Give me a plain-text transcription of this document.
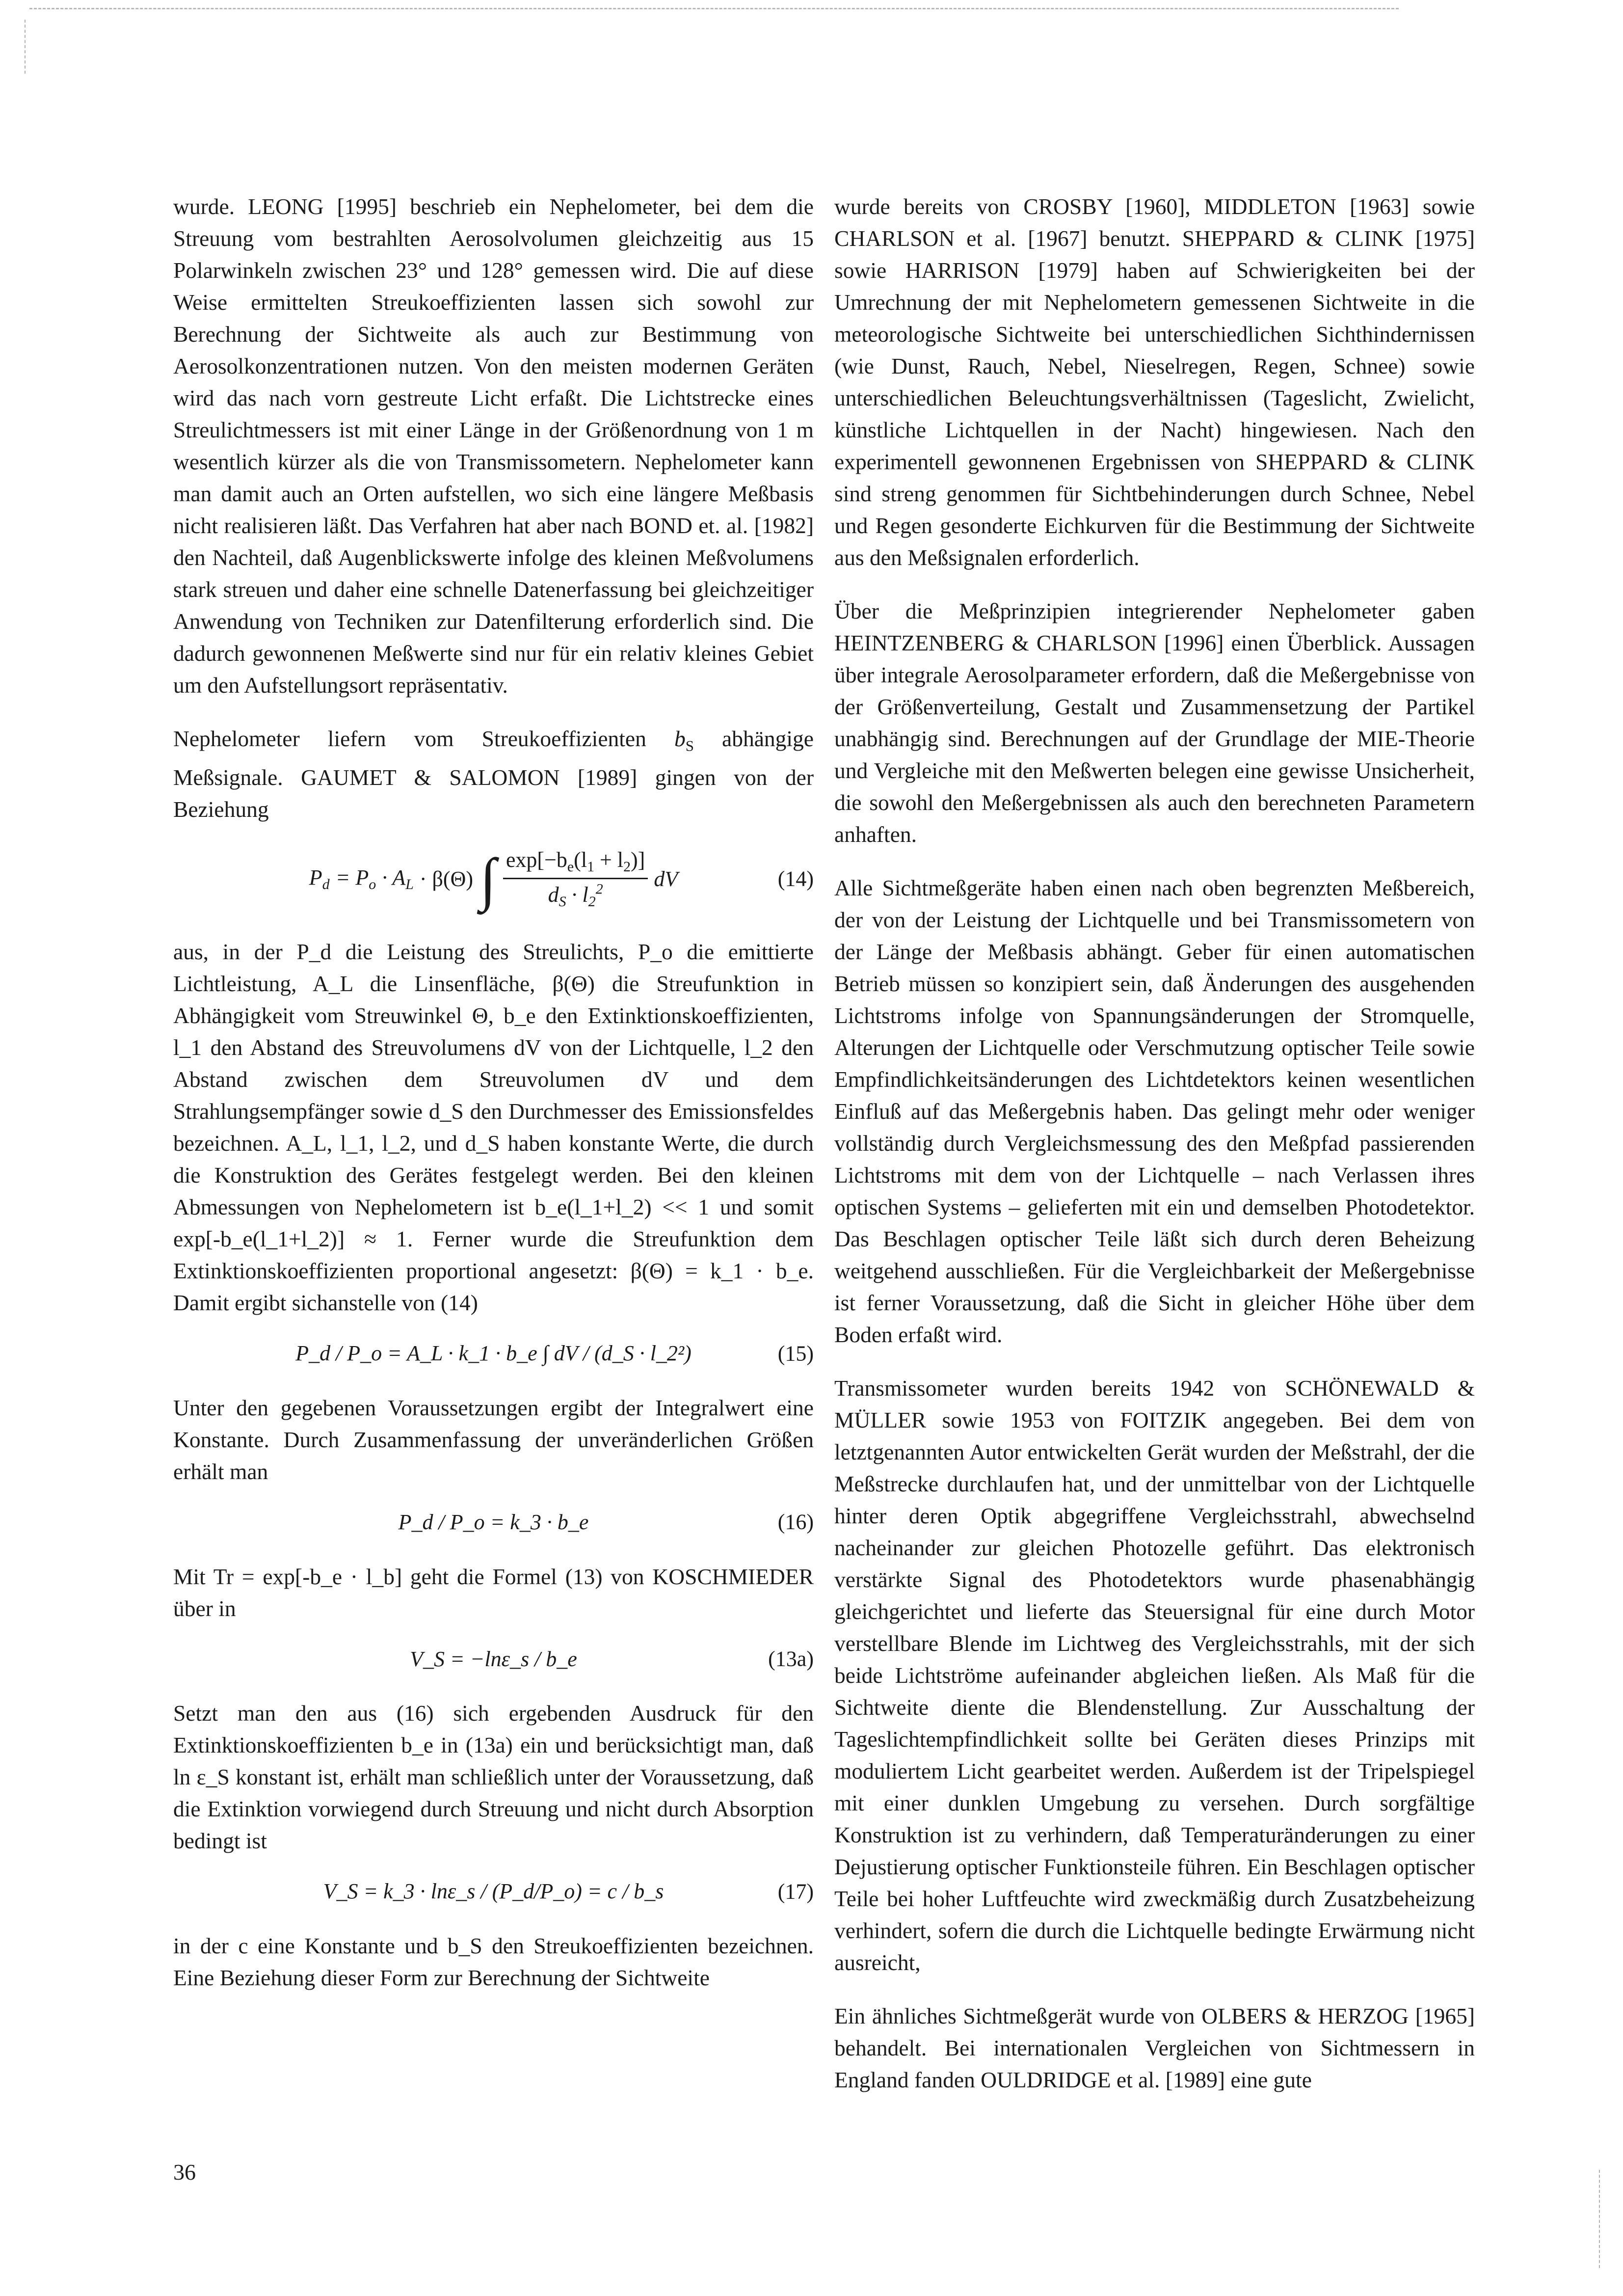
wurde. LEONG [1995] beschrieb ein Nephelometer, bei dem die Streuung vom bestrahlten Aerosolvolumen gleichzeitig aus 15 Polarwinkeln zwischen 23° und 128° gemessen wird. Die auf diese Weise ermittelten Streukoeffizienten lassen sich sowohl zur Berechnung der Sichtweite als auch zur Bestimmung von Aerosolkonzentrationen nutzen. Von den meisten modernen Geräten wird das nach vorn gestreute Licht erfaßt. Die Lichtstrecke eines Streulichtmessers ist mit einer Länge in der Größenordnung von 1 m wesentlich kürzer als die von Transmissometern. Nephelometer kann man damit auch an Orten aufstellen, wo sich eine längere Meßbasis nicht realisieren läßt. Das Verfahren hat aber nach BOND et. al. [1982] den Nachteil, daß Augenblickswerte infolge des kleinen Meßvolumens stark streuen und daher eine schnelle Datenerfassung bei gleichzeitiger Anwendung von Techniken zur Datenfilterung erforderlich sind. Die dadurch gewonnenen Meßwerte sind nur für ein relativ kleines Gebiet um den Aufstellungsort repräsentativ.

Nephelometer liefern vom Streukoeffizienten $b_S$ abhängige Meßsignale. GAUMET & SALOMON [1989] gingen von der Beziehung

$P_d = P_o \cdot A_L \cdot \beta(\Theta)$ ∫ $\frac{\exp[-b_e(l_1 + l_2)]}{d_S \cdot l_2^2}$ dV	(14)

aus, in der P_d die Leistung des Streulichts, P_o die emittierte Lichtleistung, A_L die Linsenfläche, β(Θ) die Streufunktion in Abhängigkeit vom Streuwinkel Θ, b_e den Extinktionskoeffizienten, l_1 den Abstand des Streuvolumens dV von der Lichtquelle, l_2 den Abstand zwischen dem Streuvolumen dV und dem Strahlungsempfänger sowie d_S den Durchmesser des Emissionsfeldes bezeichnen. A_L, l_1, l_2, und d_S haben konstante Werte, die durch die Konstruktion des Gerätes festgelegt werden. Bei den kleinen Abmessungen von Nephelometern ist b_e(l_1+l_2) << 1 und somit exp[-b_e(l_1+l_2)] ≈ 1. Ferner wurde die Streufunktion dem Extinktionskoeffizienten proportional angesetzt: β(Θ) = k_1 · b_e. Damit ergibt sichanstelle von (14)

P_d / P_o = A_L · k_1 · b_e ∫ dV / (d_S · l_2²)	(15)

Unter den gegebenen Voraussetzungen ergibt der Integralwert eine Konstante. Durch Zusammenfassung der unveränderlichen Größen erhält man

P_d / P_o = k_3 · b_e	(16)

Mit Tr = exp[-b_e · l_b] geht die Formel (13) von KOSCHMIEDER über in

V_S = −lnε_s / b_e	(13a)

Setzt man den aus (16) sich ergebenden Ausdruck für den Extinktionskoeffizienten b_e in (13a) ein und berücksichtigt man, daß ln ε_S konstant ist, erhält man schließlich unter der Voraussetzung, daß die Extinktion vorwiegend durch Streuung und nicht durch Absorption bedingt ist

V_S = k_3 · lnε_s / (P_d/P_o) = c / b_s	(17)

in der c eine Konstante und b_S den Streukoeffizienten bezeichnen. Eine Beziehung dieser Form zur Berechnung der Sichtweite

wurde bereits von CROSBY [1960], MIDDLETON [1963] sowie CHARLSON et al. [1967] benutzt. SHEPPARD & CLINK [1975] sowie HARRISON [1979] haben auf Schwierigkeiten bei der Umrechnung der mit Nephelometern gemessenen Sichtweite in die meteorologische Sichtweite bei unterschiedlichen Sichthindernissen (wie Dunst, Rauch, Nebel, Nieselregen, Regen, Schnee) sowie unterschiedlichen Beleuchtungsverhältnissen (Tageslicht, Zwielicht, künstliche Lichtquellen in der Nacht) hingewiesen. Nach den experimentell gewonnenen Ergebnissen von SHEPPARD & CLINK sind streng genommen für Sichtbehinderungen durch Schnee, Nebel und Regen gesonderte Eichkurven für die Bestimmung der Sichtweite aus den Meßsignalen erforderlich.

Über die Meßprinzipien integrierender Nephelometer gaben HEINTZENBERG & CHARLSON [1996] einen Überblick. Aussagen über integrale Aerosolparameter erfordern, daß die Meßergebnisse von der Größenverteilung, Gestalt und Zusammensetzung der Partikel unabhängig sind. Berechnungen auf der Grundlage der MIE-Theorie und Vergleiche mit den Meßwerten belegen eine gewisse Unsicherheit, die sowohl den Meßergebnissen als auch den berechneten Parametern anhaften.

Alle Sichtmeßgeräte haben einen nach oben begrenzten Meßbereich, der von der Leistung der Lichtquelle und bei Transmissometern von der Länge der Meßbasis abhängt. Geber für einen automatischen Betrieb müssen so konzipiert sein, daß Änderungen des ausgehenden Lichtstroms infolge von Spannungsänderungen der Stromquelle, Alterungen der Lichtquelle oder Verschmutzung optischer Teile sowie Empfindlichkeitsänderungen des Lichtdetektors keinen wesentlichen Einfluß auf das Meßergebnis haben. Das gelingt mehr oder weniger vollständig durch Vergleichsmessung des den Meßpfad passierenden Lichtstroms mit dem von der Lichtquelle – nach Verlassen ihres optischen Systems – gelieferten mit ein und demselben Photodetektor. Das Beschlagen optischer Teile läßt sich durch deren Beheizung weitgehend ausschließen. Für die Vergleichbarkeit der Meßergebnisse ist ferner Voraussetzung, daß die Sicht in gleicher Höhe über dem Boden erfaßt wird.

Transmissometer wurden bereits 1942 von SCHÖNEWALD & MÜLLER sowie 1953 von FOITZIK angegeben. Bei dem von letztgenannten Autor entwickelten Gerät wurden der Meßstrahl, der die Meßstrecke durchlaufen hat, und der unmittelbar von der Lichtquelle hinter deren Optik abgegriffene Vergleichsstrahl, abwechselnd nacheinander zur gleichen Photozelle geführt. Das elektronisch verstärkte Signal des Photodetektors wurde phasenabhängig gleichgerichtet und lieferte das Steuersignal für eine durch Motor verstellbare Blende im Lichtweg des Vergleichsstrahls, mit der sich beide Lichtströme aufeinander abgleichen ließen. Als Maß für die Sichtweite diente die Blendenstellung. Zur Ausschaltung der Tageslichtempfindlichkeit sollte bei Geräten dieses Prinzips mit moduliertem Licht gearbeitet werden. Außerdem ist der Tripelspiegel mit einer dunklen Umgebung zu versehen. Durch sorgfältige Konstruktion ist zu verhindern, daß Temperaturänderungen zu einer Dejustierung optischer Funktionsteile führen. Ein Beschlagen optischer Teile bei hoher Luftfeuchte wird zweckmäßig durch Zusatzbeheizung verhindert, sofern die durch die Lichtquelle bedingte Erwärmung nicht ausreicht,

Ein ähnliches Sichtmeßgerät wurde von OLBERS & HERZOG [1965] behandelt. Bei internationalen Vergleichen von Sichtmessern in England fanden OULDRIDGE et al. [1989] eine gute

36
